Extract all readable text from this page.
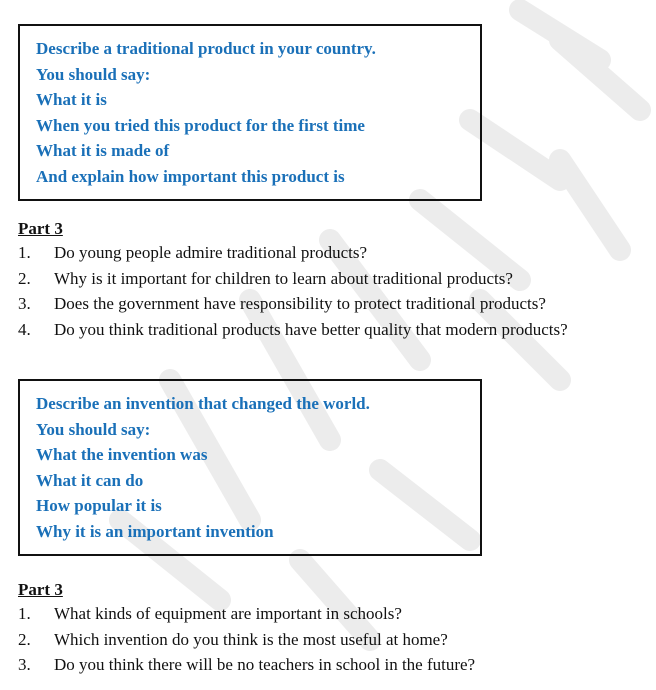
Describe a traditional product in your country.
You should say:
What it is
When you tried this product for the first time
What it is made of
And explain how important this product is
Part 3
1.	Do young people admire traditional products?
2.	Why is it important for children to learn about traditional products?
3.	Does the government have responsibility to protect traditional products?
4.	Do you think traditional products have better quality that modern products?
Describe an invention that changed the world.
You should say:
What the invention was
What it can do
How popular it is
Why it is an important invention
Part 3
1.	What kinds of equipment are important in schools?
2.	Which invention do you think is the most useful at home?
3.	Do you think there will be no teachers in school in the future?
